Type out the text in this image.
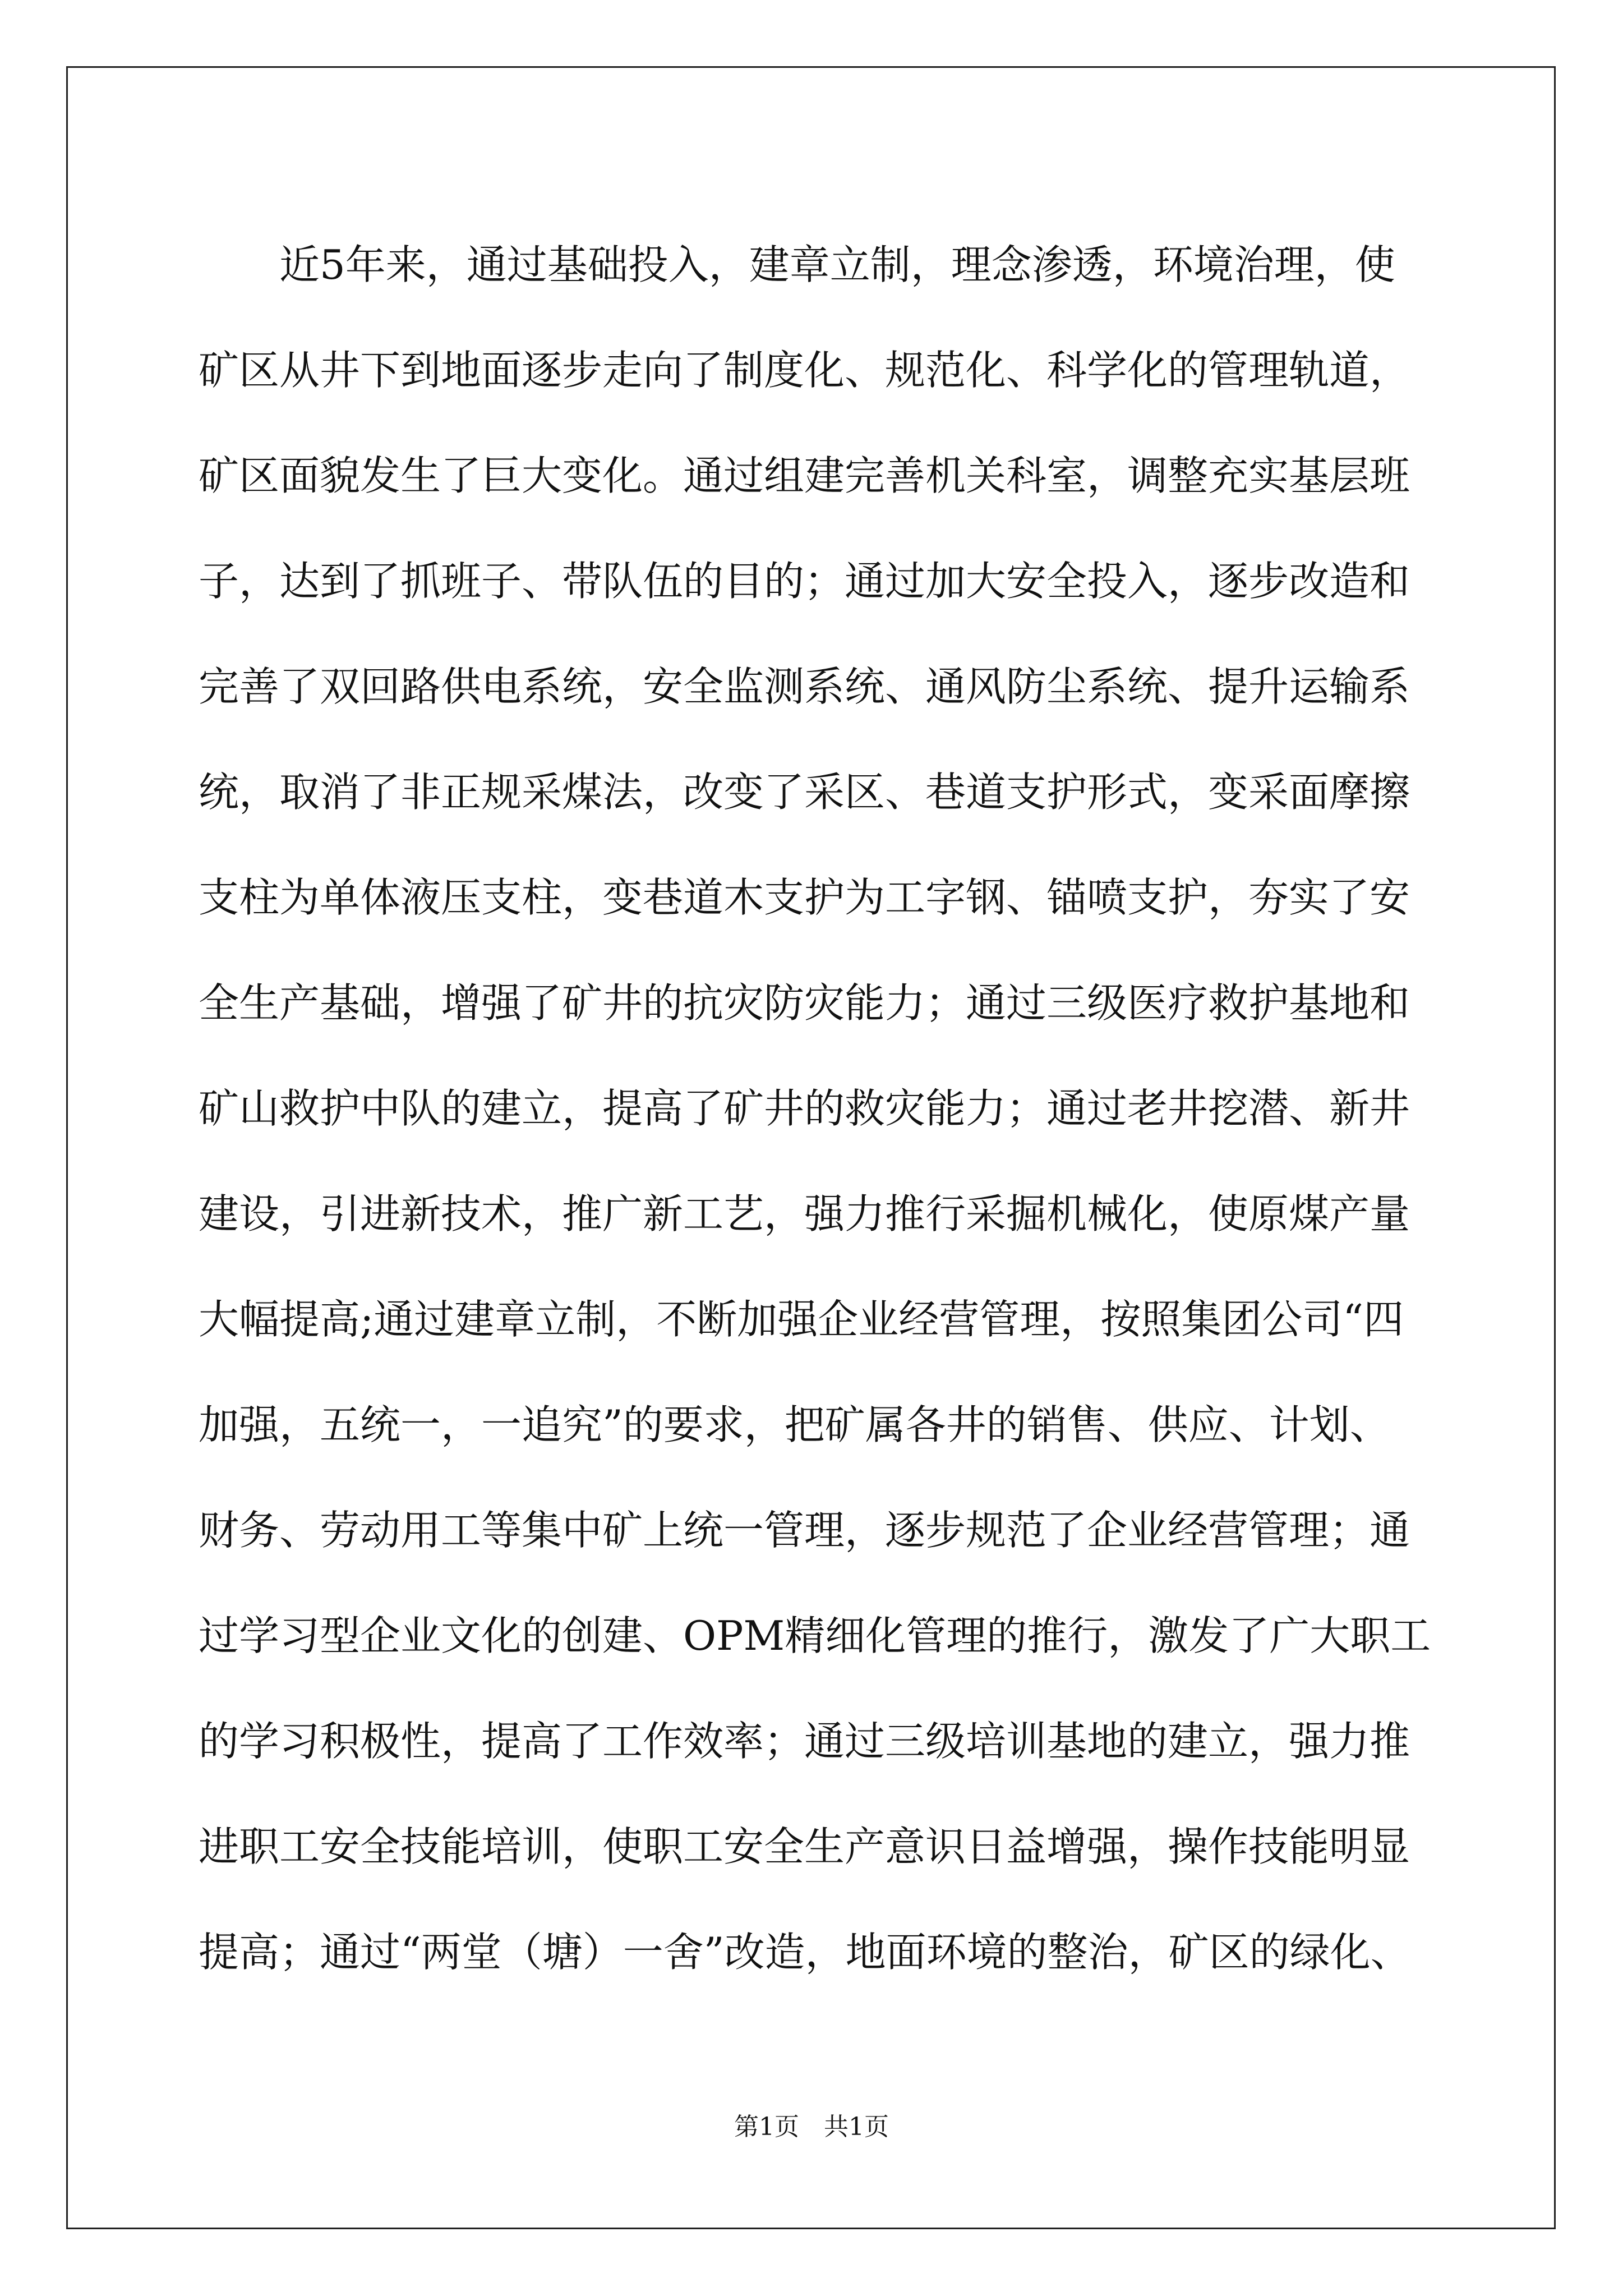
　　近5年来，通过基础投入，建章立制，理念渗透，环境治理，使
矿区从井下到地面逐步走向了制度化、规范化、科学化的管理轨道，
矿区面貌发生了巨大变化。通过组建完善机关科室，调整充实基层班
子，达到了抓班子、带队伍的目的；通过加大安全投入，逐步改造和
完善了双回路供电系统，安全监测系统、通风防尘系统、提升运输系
统，取消了非正规采煤法，改变了采区、巷道支护形式，变采面摩擦
支柱为单体液压支柱，变巷道木支护为工字钢、锚喷支护，夯实了安
全生产基础，增强了矿井的抗灾防灾能力；通过三级医疗救护基地和
矿山救护中队的建立，提高了矿井的救灾能力；通过老井挖潜、新井
建设，引进新技术，推广新工艺，强力推行采掘机械化，使原煤产量
大幅提高;通过建章立制，不断加强企业经营管理，按照集团公司“四
加强，五统一，一追究”的要求，把矿属各井的销售、供应、计划、
财务、劳动用工等集中矿上统一管理，逐步规范了企业经营管理；通
过学习型企业文化的创建、OPM精细化管理的推行，激发了广大职工
的学习积极性，提高了工作效率；通过三级培训基地的建立，强力推
进职工安全技能培训，使职工安全生产意识日益增强，操作技能明显
提高；通过“两堂（塘）一舍”改造，地面环境的整治，矿区的绿化、
第1页　共1页
